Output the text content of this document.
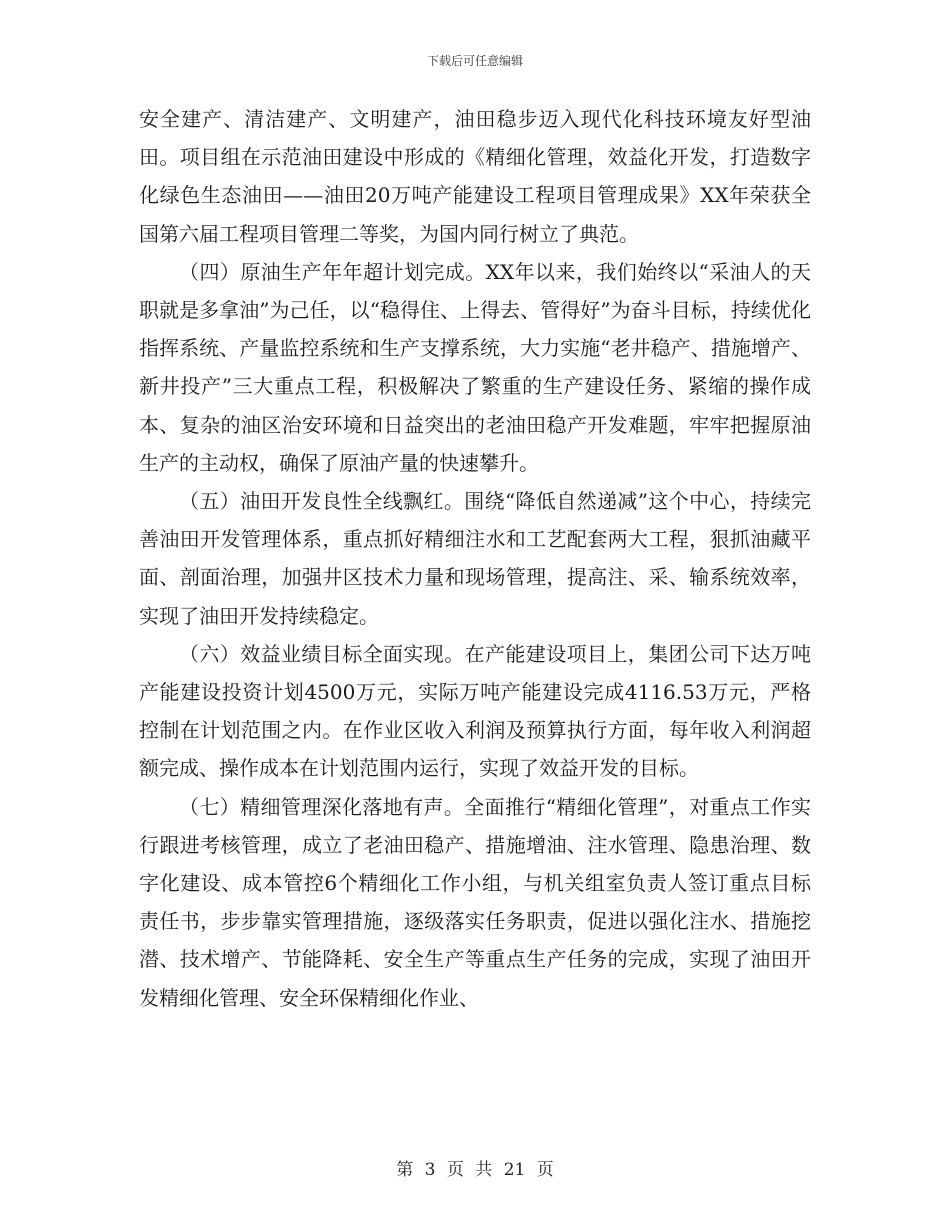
下载后可任意编辑

安全建产、清洁建产、文明建产，油田稳步迈入现代化科技环境友好型油田。项目组在示范油田建设中形成的《精细化管理，效益化开发，打造数字化绿色生态油田——油田20万吨产能建设工程项目管理成果》XX年荣获全国第六届工程项目管理二等奖，为国内同行树立了典范。

（四）原油生产年年超计划完成。XX年以来，我们始终以“采油人的天职就是多拿油”为己任，以“稳得住、上得去、管得好”为奋斗目标，持续优化指挥系统、产量监控系统和生产支撑系统，大力实施“老井稳产、措施增产、新井投产”三大重点工程，积极解决了繁重的生产建设任务、紧缩的操作成本、复杂的油区治安环境和日益突出的老油田稳产开发难题，牢牢把握原油生产的主动权，确保了原油产量的快速攀升。

（五）油田开发良性全线飘红。围绕“降低自然递减”这个中心，持续完善油田开发管理体系，重点抓好精细注水和工艺配套两大工程，狠抓油藏平面、剖面治理，加强井区技术力量和现场管理，提高注、采、输系统效率，实现了油田开发持续稳定。

（六）效益业绩目标全面实现。在产能建设项目上，集团公司下达万吨产能建设投资计划4500万元，实际万吨产能建设完成4116.53万元，严格控制在计划范围之内。在作业区收入利润及预算执行方面，每年收入利润超额完成、操作成本在计划范围内运行，实现了效益开发的目标。

（七）精细管理深化落地有声。全面推行“精细化管理”，对重点工作实行跟进考核管理，成立了老油田稳产、措施增油、注水管理、隐患治理、数字化建设、成本管控6个精细化工作小组，与机关组室负责人签订重点目标责任书，步步靠实管理措施，逐级落实任务职责，促进以强化注水、措施挖潜、技术增产、节能降耗、安全生产等重点生产任务的完成，实现了油田开发精细化管理、安全环保精细化作业、

第 3 页 共 21 页
